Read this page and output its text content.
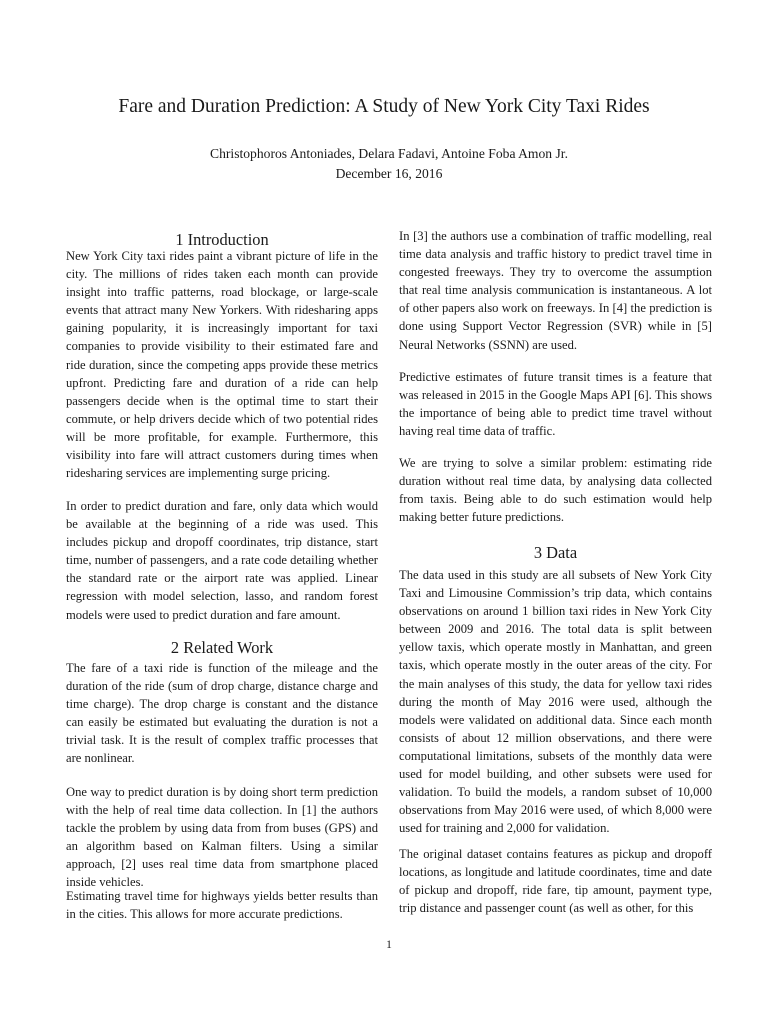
Fare and Duration Prediction: A Study of New York City Taxi Rides
Christophoros Antoniades, Delara Fadavi, Antoine Foba Amon Jr.
December 16, 2016
1 Introduction

New York City taxi rides paint a vibrant picture of life in the city. The millions of rides taken each month can provide insight into traffic patterns, road blockage, or large-scale events that attract many New Yorkers. With ridesharing apps gaining popularity, it is increasingly important for taxi companies to provide visibility to their estimated fare and ride duration, since the competing apps provide these metrics upfront. Predicting fare and duration of a ride can help passengers decide when is the optimal time to start their commute, or help drivers decide which of two potential rides will be more profitable, for example. Furthermore, this visibility into fare will attract customers during times when ridesharing services are implementing surge pricing.

In order to predict duration and fare, only data which would be available at the beginning of a ride was used. This includes pickup and dropoff coordinates, trip distance, start time, number of passengers, and a rate code detailing whether the standard rate or the airport rate was applied. Linear regression with model selection, lasso, and random forest models were used to predict duration and fare amount.

2 Related Work

The fare of a taxi ride is function of the mileage and the duration of the ride (sum of drop charge, distance charge and time charge). The drop charge is constant and the distance can easily be estimated but evaluating the duration is not a trivial task. It is the result of complex traffic processes that are nonlinear.

One way to predict duration is by doing short term prediction with the help of real time data collection. In [1] the authors tackle the problem by using data from from buses (GPS) and an algorithm based on Kalman filters. Using a similar approach, [2] uses real time data from smartphone placed inside vehicles.

Estimating travel time for highways yields better results than in the cities. This allows for more accurate predictions.

In [3] the authors use a combination of traffic modelling, real time data analysis and traffic history to predict travel time in congested freeways. They try to overcome the assumption that real time analysis communication is instantaneous. A lot of other papers also work on freeways. In [4] the prediction is done using Support Vector Regression (SVR) while in [5] Neural Networks (SSNN) are used.

Predictive estimates of future transit times is a feature that was released in 2015 in the Google Maps API [6]. This shows the importance of being able to predict time travel without having real time data of traffic.

We are trying to solve a similar problem: estimating ride duration without real time data, by analysing data collected from taxis. Being able to do such estimation would help making better future predictions.

3 Data

The data used in this study are all subsets of New York City Taxi and Limousine Commission’s trip data, which contains observations on around 1 billion taxi rides in New York City between 2009 and 2016. The total data is split between yellow taxis, which operate mostly in Manhattan, and green taxis, which operate mostly in the outer areas of the city. For the main analyses of this study, the data for yellow taxi rides during the month of May 2016 were used, although the models were validated on additional data. Since each month consists of about 12 million observations, and there were computational limitations, subsets of the monthly data were used for model building, and other subsets were used for validation. To build the models, a random subset of 10,000 observations from May 2016 were used, of which 8,000 were used for training and 2,000 for validation.

The original dataset contains features as pickup and dropoff locations, as longitude and latitude coordinates, time and date of pickup and dropoff, ride fare, tip amount, payment type, trip distance and passenger count (as well as other, for this

1
